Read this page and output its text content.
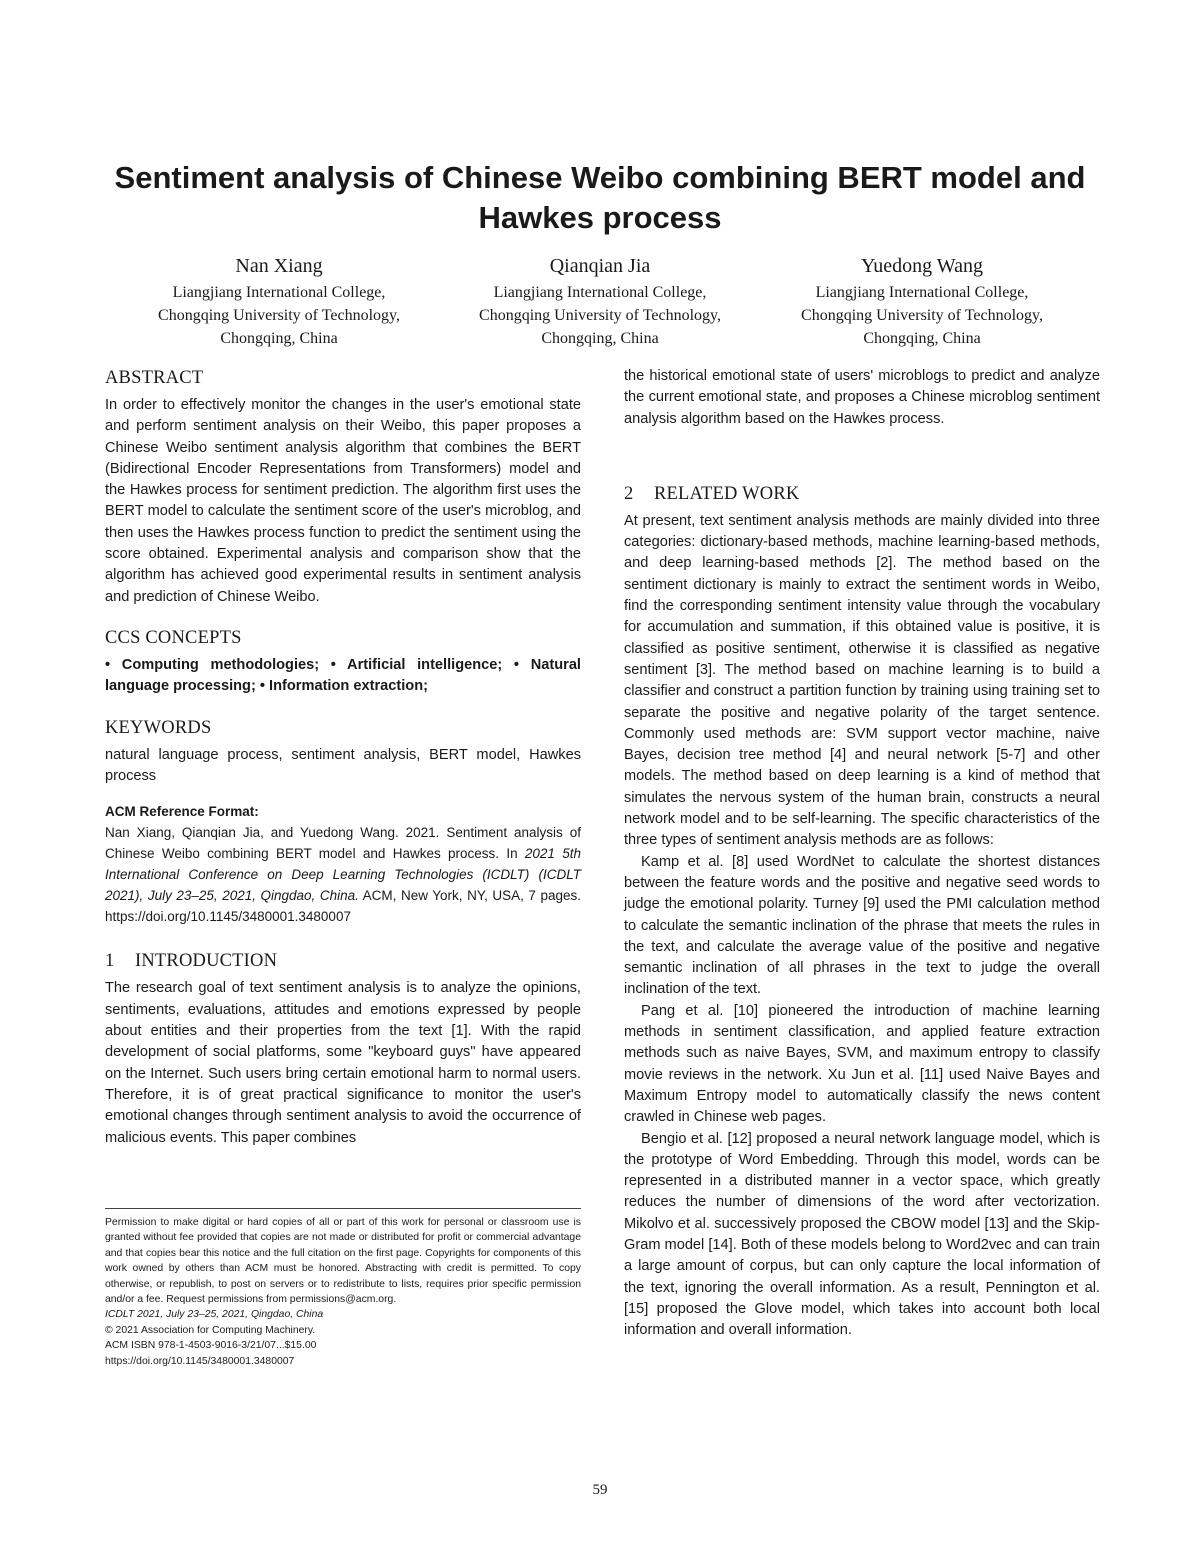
Sentiment analysis of Chinese Weibo combining BERT model and Hawkes process
Nan Xiang
Liangjiang International College,
Chongqing University of Technology,
Chongqing, China
Qianqian Jia
Liangjiang International College,
Chongqing University of Technology,
Chongqing, China
Yuedong Wang
Liangjiang International College,
Chongqing University of Technology,
Chongqing, China
ABSTRACT

In order to effectively monitor the changes in the user's emotional state and perform sentiment analysis on their Weibo, this paper proposes a Chinese Weibo sentiment analysis algorithm that combines the BERT (Bidirectional Encoder Representations from Transformers) model and the Hawkes process for sentiment prediction. The algorithm first uses the BERT model to calculate the sentiment score of the user's microblog, and then uses the Hawkes process function to predict the sentiment using the score obtained. Experimental analysis and comparison show that the algorithm has achieved good experimental results in sentiment analysis and prediction of Chinese Weibo.

CCS CONCEPTS

• Computing methodologies; • Artificial intelligence; • Natural language processing; • Information extraction;

KEYWORDS

natural language process, sentiment analysis, BERT model, Hawkes process

ACM Reference Format:

Nan Xiang, Qianqian Jia, and Yuedong Wang. 2021. Sentiment analysis of Chinese Weibo combining BERT model and Hawkes process. In 2021 5th International Conference on Deep Learning Technologies (ICDLT) (ICDLT 2021), July 23–25, 2021, Qingdao, China. ACM, New York, NY, USA, 7 pages. https://doi.org/10.1145/3480001.3480007

1 INTRODUCTION

The research goal of text sentiment analysis is to analyze the opinions, sentiments, evaluations, attitudes and emotions expressed by people about entities and their properties from the text [1]. With the rapid development of social platforms, some "keyboard guys" have appeared on the Internet. Such users bring certain emotional harm to normal users. Therefore, it is of great practical significance to monitor the user's emotional changes through sentiment analysis to avoid the occurrence of malicious events. This paper combines

Permission to make digital or hard copies of all or part of this work for personal or classroom use is granted without fee provided that copies are not made or distributed for profit or commercial advantage and that copies bear this notice and the full citation on the first page. Copyrights for components of this work owned by others than ACM must be honored. Abstracting with credit is permitted. To copy otherwise, or republish, to post on servers or to redistribute to lists, requires prior specific permission and/or a fee. Request permissions from permissions@acm.org.

ICDLT 2021, July 23–25, 2021, Qingdao, China

© 2021 Association for Computing Machinery.

ACM ISBN 978-1-4503-9016-3/21/07...$15.00

https://doi.org/10.1145/3480001.3480007

the historical emotional state of users' microblogs to predict and analyze the current emotional state, and proposes a Chinese microblog sentiment analysis algorithm based on the Hawkes process.

2 RELATED WORK

At present, text sentiment analysis methods are mainly divided into three categories: dictionary-based methods, machine learning-based methods, and deep learning-based methods [2]. The method based on the sentiment dictionary is mainly to extract the sentiment words in Weibo, find the corresponding sentiment intensity value through the vocabulary for accumulation and summation, if this obtained value is positive, it is classified as positive sentiment, otherwise it is classified as negative sentiment [3]. The method based on machine learning is to build a classifier and construct a partition function by training using training set to separate the positive and negative polarity of the target sentence. Commonly used methods are: SVM support vector machine, naive Bayes, decision tree method [4] and neural network [5-7] and other models. The method based on deep learning is a kind of method that simulates the nervous system of the human brain, constructs a neural network model and to be self-learning. The specific characteristics of the three types of sentiment analysis methods are as follows:

Kamp et al. [8] used WordNet to calculate the shortest distances between the feature words and the positive and negative seed words to judge the emotional polarity. Turney [9] used the PMI calculation method to calculate the semantic inclination of the phrase that meets the rules in the text, and calculate the average value of the positive and negative semantic inclination of all phrases in the text to judge the overall inclination of the text.

Pang et al. [10] pioneered the introduction of machine learning methods in sentiment classification, and applied feature extraction methods such as naive Bayes, SVM, and maximum entropy to classify movie reviews in the network. Xu Jun et al. [11] used Naive Bayes and Maximum Entropy model to automatically classify the news content crawled in Chinese web pages.

Bengio et al. [12] proposed a neural network language model, which is the prototype of Word Embedding. Through this model, words can be represented in a distributed manner in a vector space, which greatly reduces the number of dimensions of the word after vectorization. Mikolvo et al. successively proposed the CBOW model [13] and the Skip-Gram model [14]. Both of these models belong to Word2vec and can train a large amount of corpus, but can only capture the local information of the text, ignoring the overall information. As a result, Pennington et al. [15] proposed the Glove model, which takes into account both local information and overall information.

59
